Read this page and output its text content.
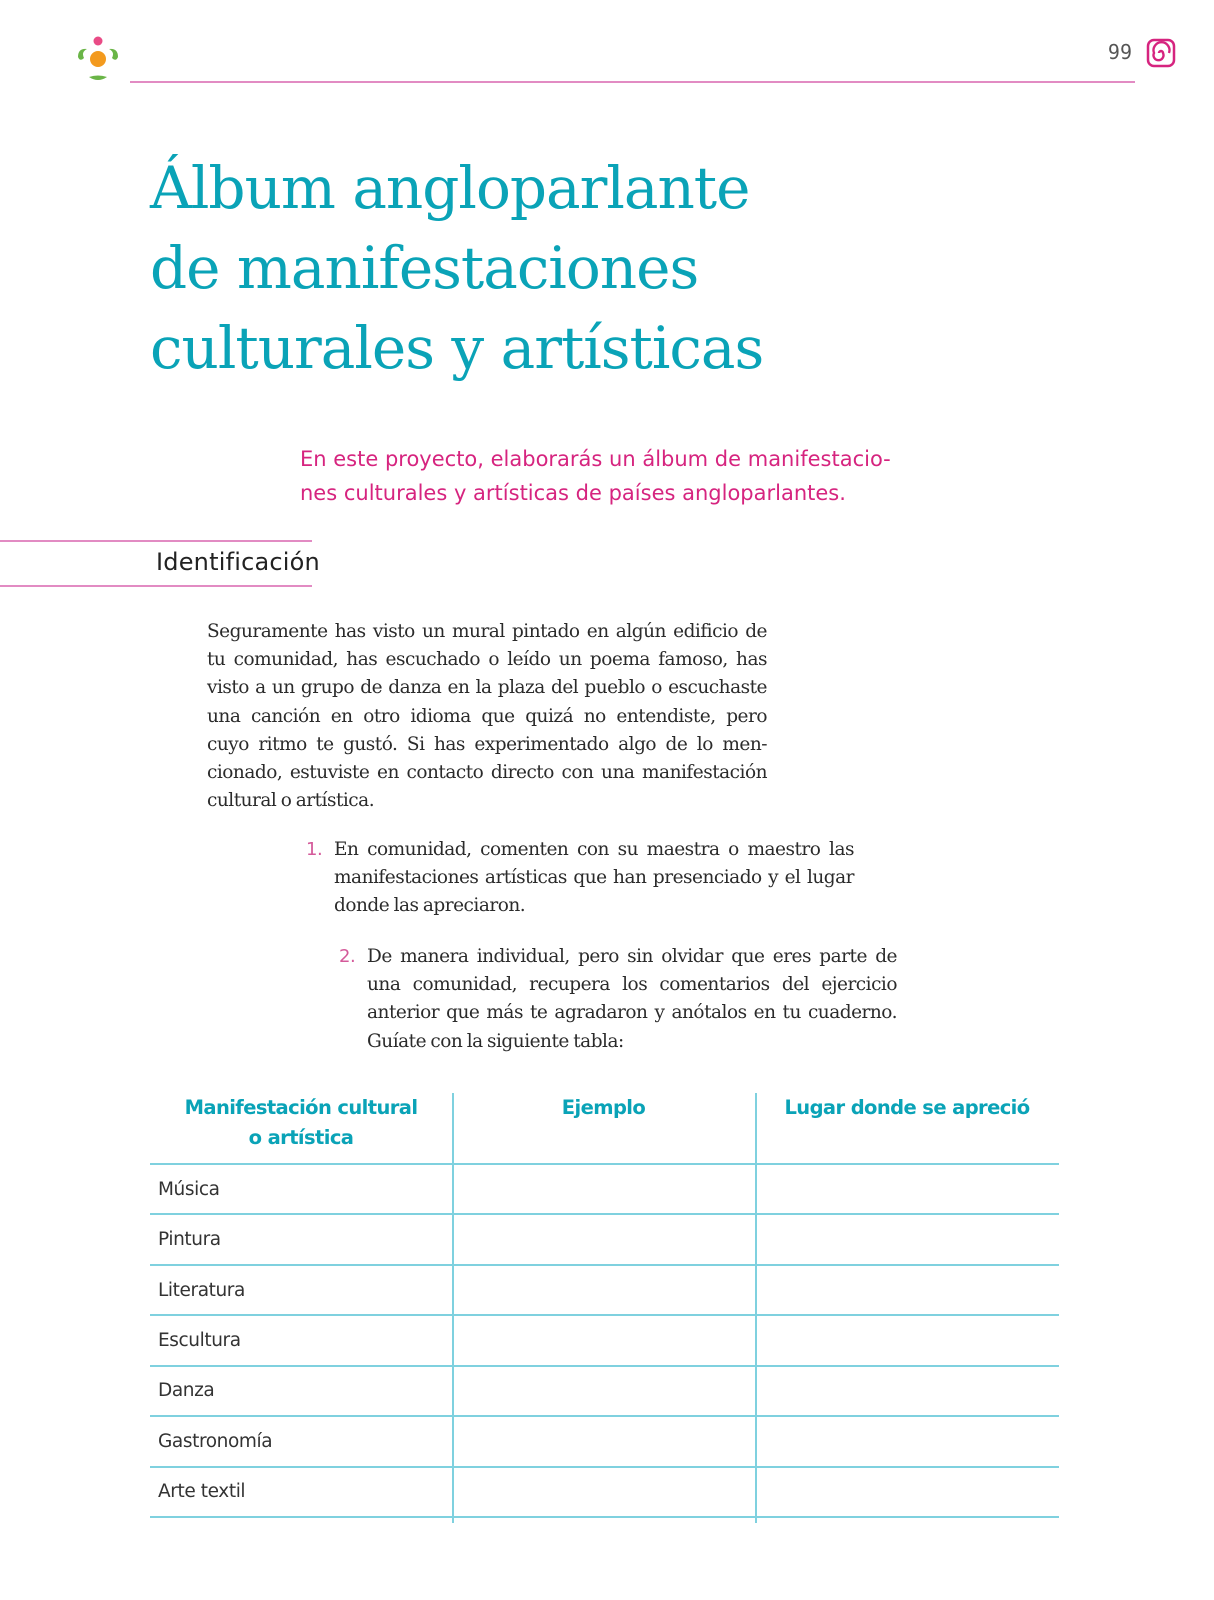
99
Álbum angloparlante
de manifestaciones
culturales y artísticas

En este proyecto, elaborarás un álbum de manifestacio-
nes culturales y artísticas de países angloparlantes.

Identificación

Seguramente has visto un mural pintado en algún edificio de
tu comunidad, has escuchado o leído un poema famoso, has
visto a un grupo de danza en la plaza del pueblo o escuchaste
una canción en otro idioma que quizá no entendiste, pero
cuyo ritmo te gustó. Si has experimentado algo de lo men-
cionado, estuviste en contacto directo con una manifestación
cultural o artística.

1. En comunidad, comenten con su maestra o maestro las
manifestaciones artísticas que han presenciado y el lugar
donde las apreciaron.
2. De manera individual, pero sin olvidar que eres parte de
una comunidad, recupera los comentarios del ejercicio
anterior que más te agradaron y anótalos en tu cuaderno.
Guíate con la siguiente tabla:
Manifestación cultural
o artística
Ejemplo	Lugar donde se apreció
Música
Pintura
Literatura
Escultura
Danza
Gastronomía
Arte textil
